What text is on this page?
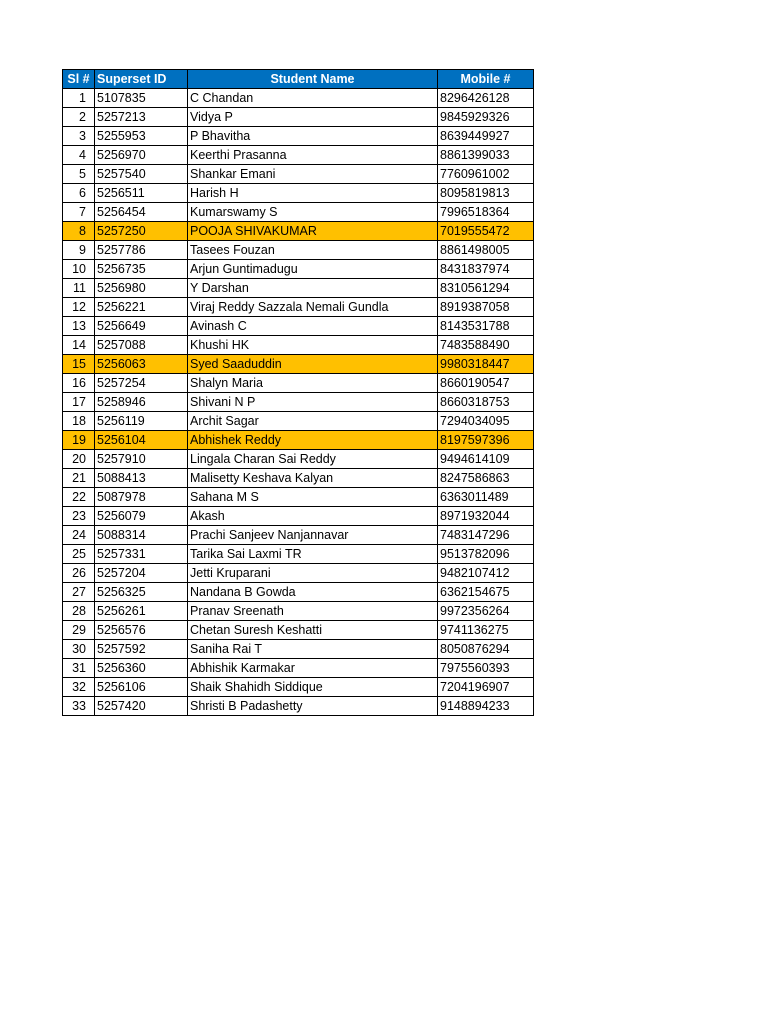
Sl #	Superset ID	Student Name	Mobile #
1	5107835	C Chandan	8296426128
2	5257213	Vidya P	9845929326
3	5255953	P Bhavitha	8639449927
4	5256970	Keerthi Prasanna	8861399033
5	5257540	Shankar Emani	7760961002
6	5256511	Harish H	8095819813
7	5256454	Kumarswamy S	7996518364
8	5257250	POOJA SHIVAKUMAR	7019555472
9	5257786	Tasees Fouzan	8861498005
10	5256735	Arjun Guntimadugu	8431837974
11	5256980	Y Darshan	8310561294
12	5256221	Viraj Reddy Sazzala Nemali Gundla	8919387058
13	5256649	Avinash C	8143531788
14	5257088	Khushi HK	7483588490
15	5256063	Syed Saaduddin	9980318447
16	5257254	Shalyn Maria	8660190547
17	5258946	Shivani N P	8660318753
18	5256119	Archit Sagar	7294034095
19	5256104	Abhishek Reddy	8197597396
20	5257910	Lingala Charan Sai Reddy	9494614109
21	5088413	Malisetty Keshava Kalyan	8247586863
22	5087978	Sahana M S	6363011489
23	5256079	Akash	8971932044
24	5088314	Prachi Sanjeev Nanjannavar	7483147296
25	5257331	Tarika Sai Laxmi TR	9513782096
26	5257204	Jetti Kruparani	9482107412
27	5256325	Nandana B Gowda	6362154675
28	5256261	Pranav Sreenath	9972356264
29	5256576	Chetan Suresh Keshatti	9741136275
30	5257592	Saniha Rai T	8050876294
31	5256360	Abhishik Karmakar	7975560393
32	5256106	Shaik Shahidh Siddique	7204196907
33	5257420	Shristi B Padashetty	9148894233
